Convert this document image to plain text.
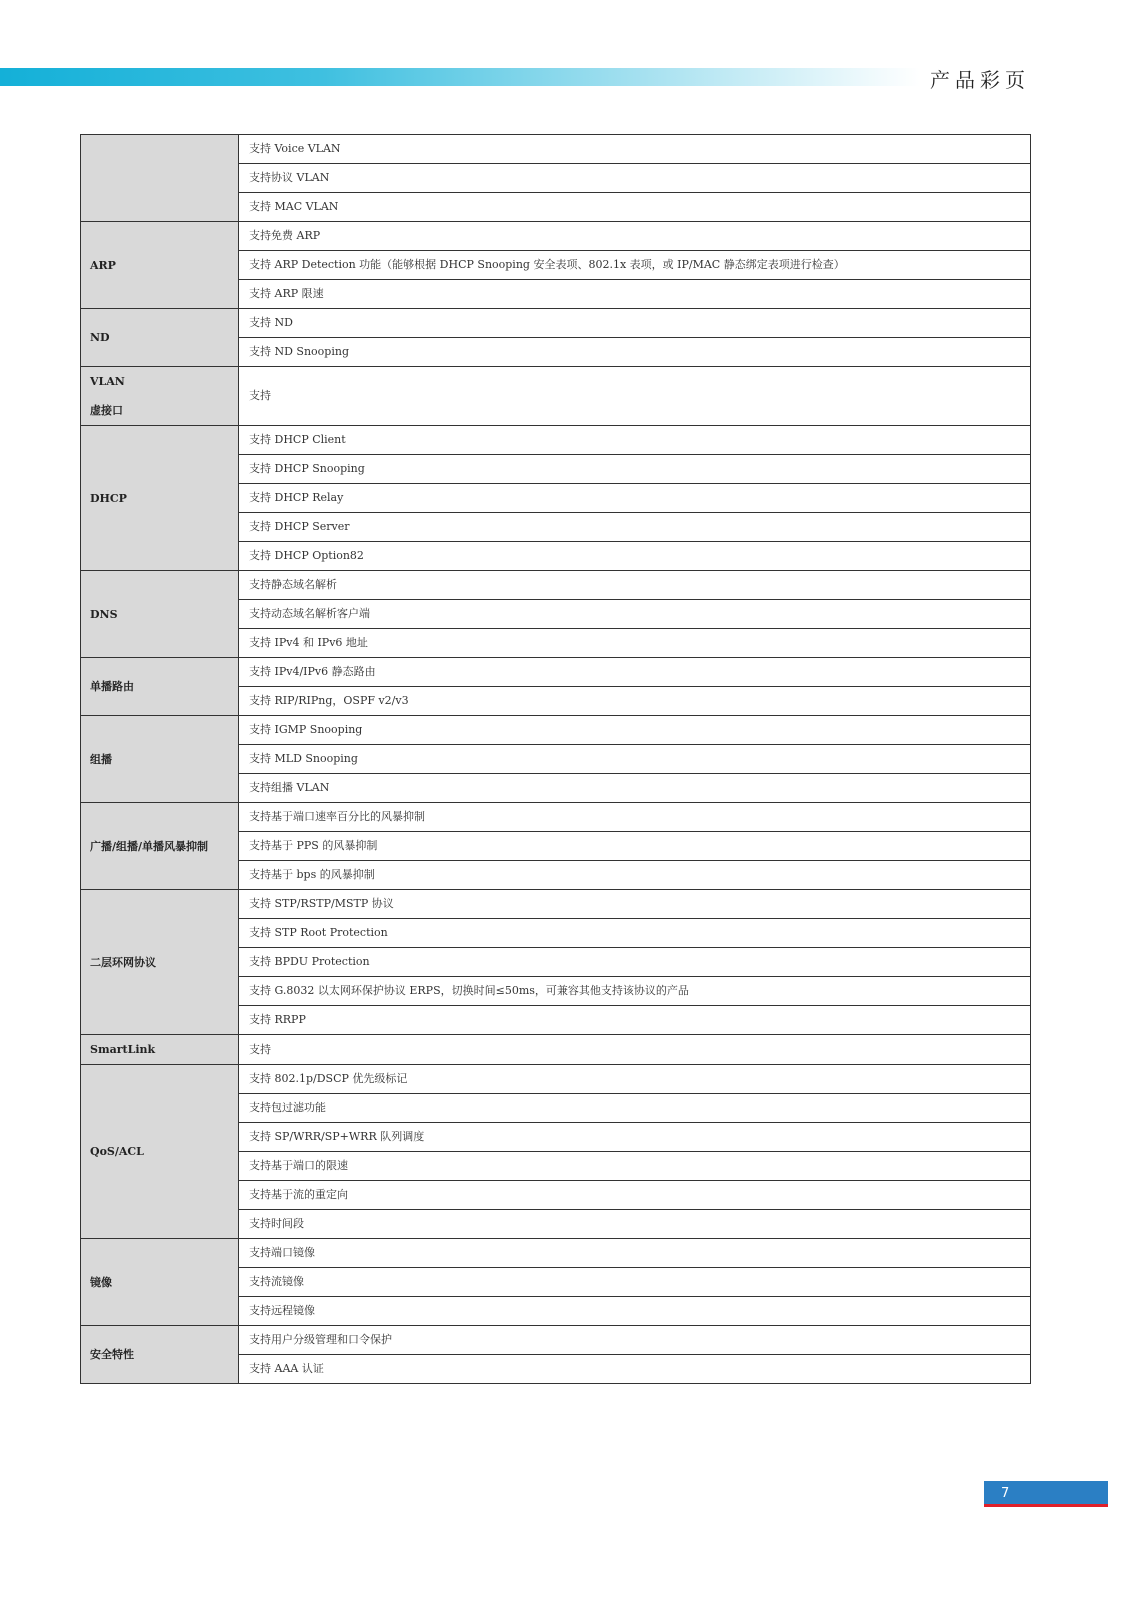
产品彩页
	支持 Voice VLAN
	支持协议 VLAN
	支持 MAC VLAN

ARP	支持免费 ARP
	支持 ARP Detection 功能（能够根据 DHCP Snooping 安全表项、802.1x 表项，或 IP/MAC 静态绑定表项进行检查）
	支持 ARP 限速

ND	支持 ND
	支持 ND Snooping

VLAN
虚接口	支持

DHCP	支持 DHCP Client
	支持 DHCP Snooping
	支持 DHCP Relay
	支持 DHCP Server
	支持 DHCP Option82

DNS	支持静态域名解析
	支持动态域名解析客户端
	支持 IPv4 和 IPv6 地址

单播路由	支持 IPv4/IPv6 静态路由
	支持 RIP/RIPng，OSPF v2/v3

组播	支持 IGMP Snooping
	支持 MLD Snooping
	支持组播 VLAN

广播/组播/单播风暴抑制	支持基于端口速率百分比的风暴抑制
	支持基于 PPS 的风暴抑制
	支持基于 bps 的风暴抑制

二层环网协议	支持 STP/RSTP/MSTP 协议
	支持 STP Root Protection
	支持 BPDU Protection
	支持 G.8032 以太网环保护协议 ERPS，切换时间≤50ms，可兼容其他支持该协议的产品
	支持 RRPP

SmartLink	支持

QoS/ACL	支持 802.1p/DSCP 优先级标记
	支持包过滤功能
	支持 SP/WRR/SP+WRR 队列调度
	支持基于端口的限速
	支持基于流的重定向
	支持时间段

镜像	支持端口镜像
	支持流镜像
	支持远程镜像

安全特性	支持用户分级管理和口令保护
	支持 AAA 认证
7
